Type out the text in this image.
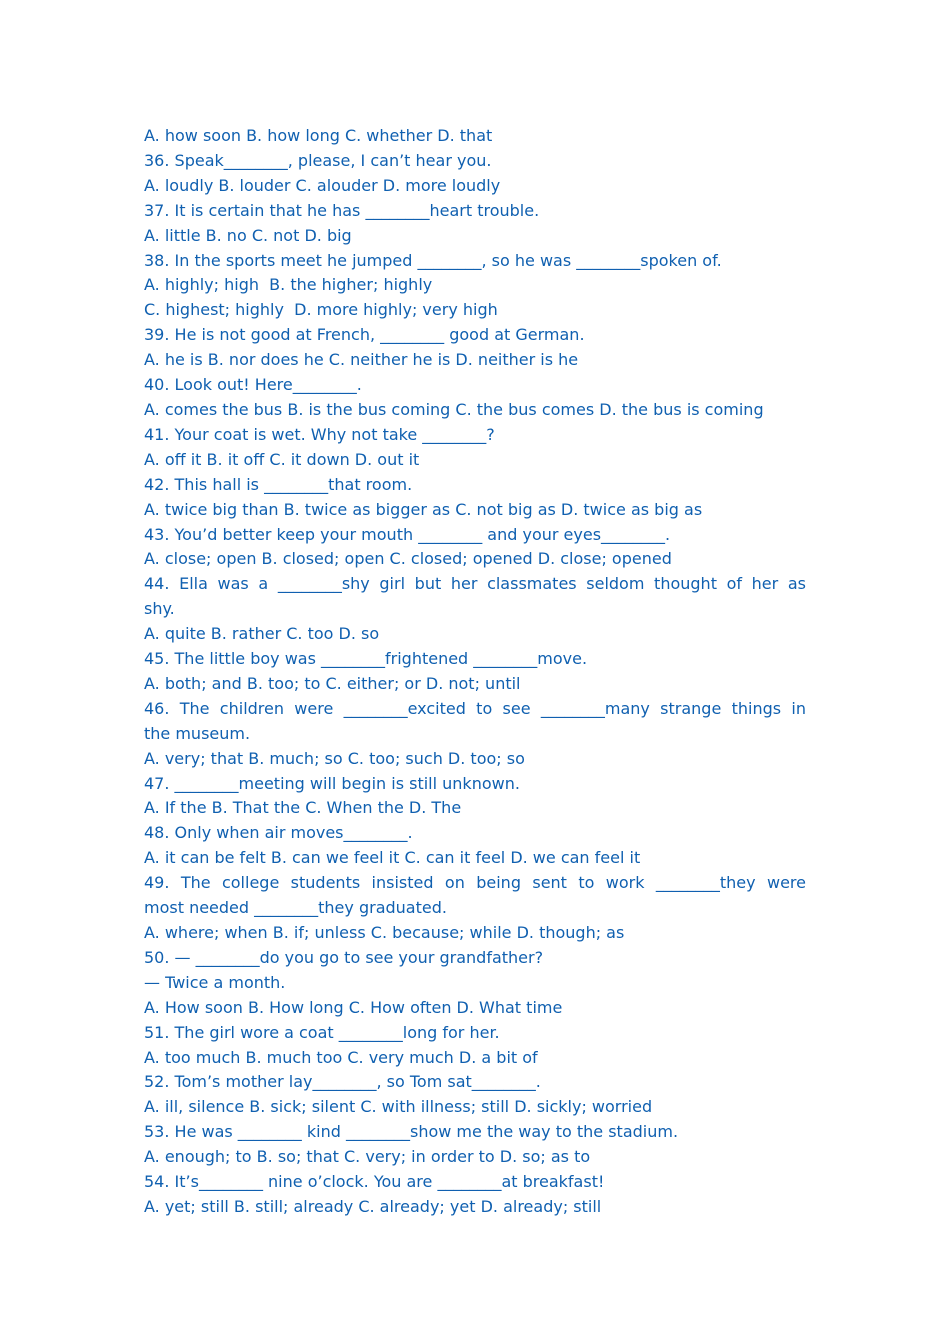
A. how soon B. how long C. whether D. that

36. Speak________, please, I can’t hear you.

A. loudly B. louder C. alouder D. more loudly

37. It is certain that he has ________heart trouble.

A. little B. no C. not D. big

38. In the sports meet he jumped ________, so he was ________spoken of.

A. highly; high  B. the higher; highly

C. highest; highly  D. more highly; very high

39. He is not good at French, ________ good at German.

A. he is B. nor does he C. neither he is D. neither is he

40. Look out! Here________.

A. comes the bus B. is the bus coming C. the bus comes D. the bus is coming

41. Your coat is wet. Why not take ________?

A. off it B. it off C. it down D. out it

42. This hall is ________that room.

A. twice big than B. twice as bigger as C. not big as D. twice as big as

43. You’d better keep your mouth ________ and your eyes________.

A. close; open B. closed; open C. closed; opened D. close; opened

44. Ella was a ________shy girl but her classmates seldom thought of her as

shy.

A. quite B. rather C. too D. so

45. The little boy was ________frightened ________move.

A. both; and B. too; to C. either; or D. not; until

46. The children were ________excited to see ________many strange things in

the museum.

A. very; that B. much; so C. too; such D. too; so

47. ________meeting will begin is still unknown.

A. If the B. That the C. When the D. The

48. Only when air moves________.

A. it can be felt B. can we feel it C. can it feel D. we can feel it

49. The college students insisted on being sent to work ________they were

most needed ________they graduated.

A. where; when B. if; unless C. because; while D. though; as

50. — ________do you go to see your grandfather?

— Twice a month.

A. How soon B. How long C. How often D. What time

51. The girl wore a coat ________long for her.

A. too much B. much too C. very much D. a bit of

52. Tom’s mother lay________, so Tom sat________.

A. ill, silence B. sick; silent C. with illness; still D. sickly; worried

53. He was ________ kind ________show me the way to the stadium.

A. enough; to B. so; that C. very; in order to D. so; as to

54. It’s________ nine o’clock. You are ________at breakfast!

A. yet; still B. still; already C. already; yet D. already; still
